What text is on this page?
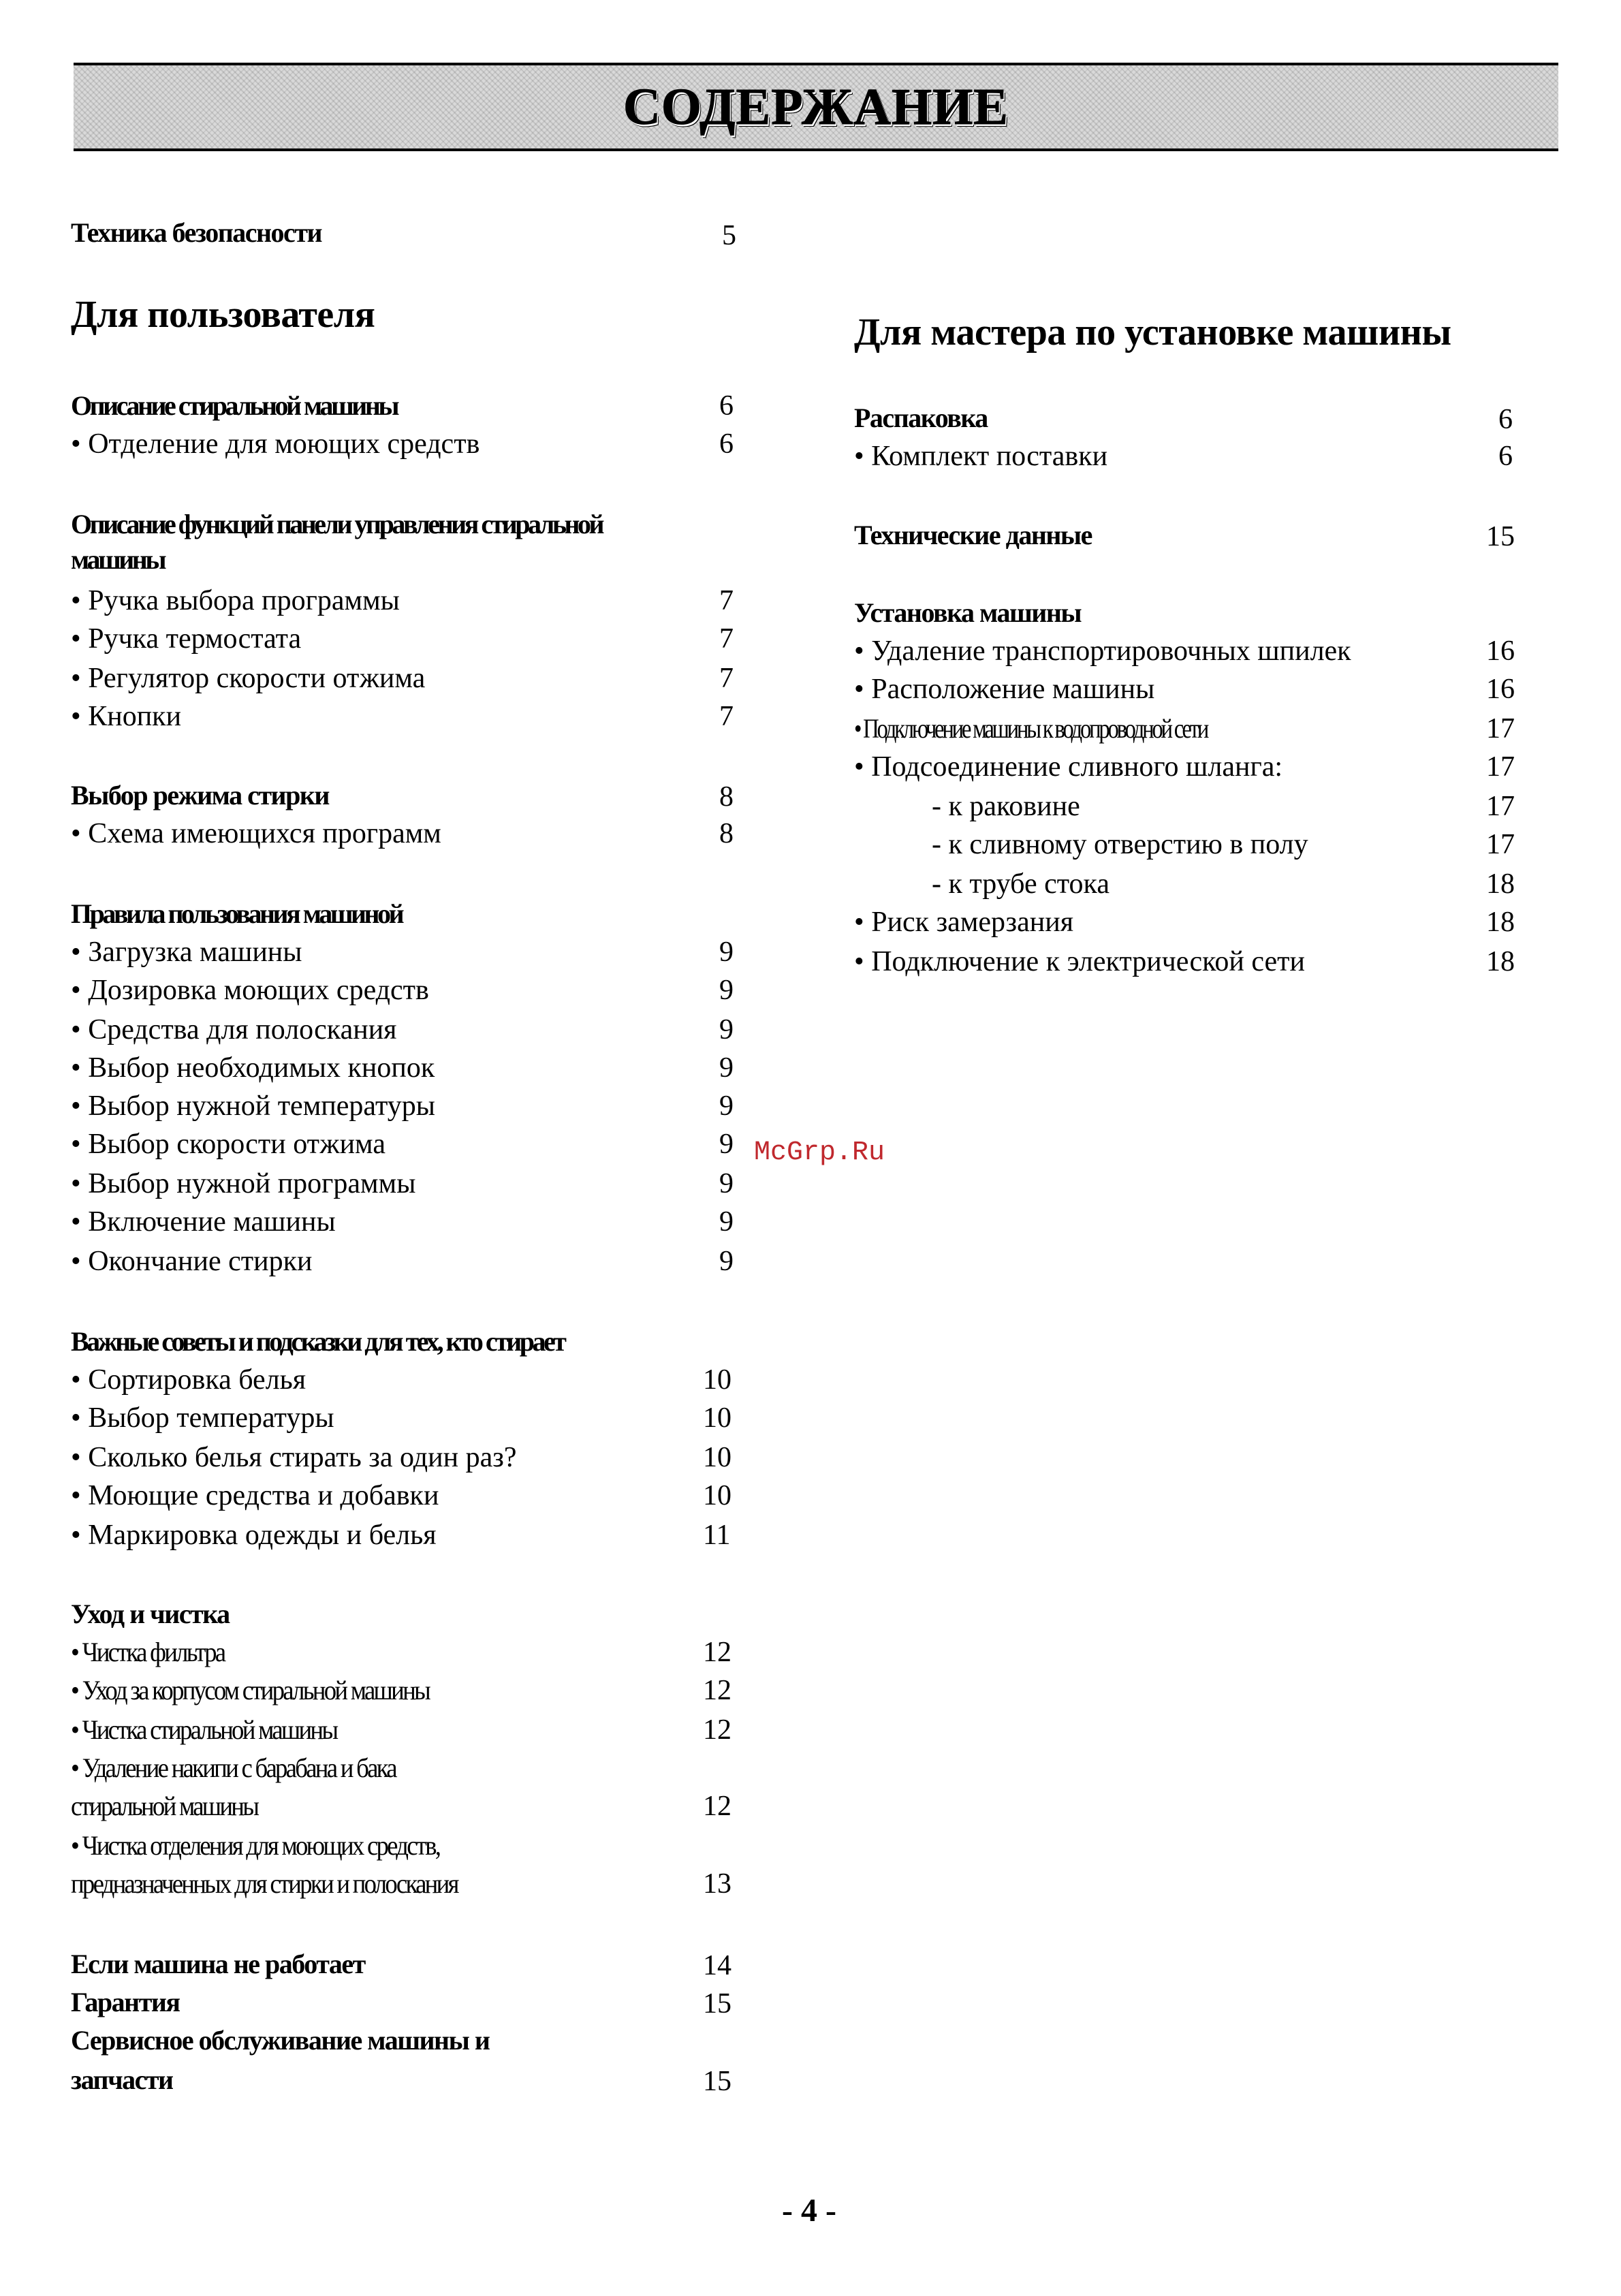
СОДЕРЖАНИЕ
Техника безопасности	5
Для пользователя
Описание стиральной машины	6
• Отделение для моющих средств	6
Описание функций панели управления стиральной
машины
• Ручка выбора программы	7
• Ручка термостата	7
• Регулятор скорости отжима	7
• Кнопки	7
Выбор режима стирки	8
• Схема имеющихся программ	8
Правила пользования машиной
• Загрузка машины	9
• Дозировка моющих средств	9
• Средства для полоскания	9
• Выбор необходимых кнопок	9
• Выбор нужной температуры	9
• Выбор скорости отжима	9
• Выбор нужной программы	9
• Включение машины	9
• Окончание стирки	9
Важные советы и подсказки для тех, кто стирает
• Сортировка белья	10
• Выбор температуры	10
• Сколько белья стирать за один раз?	10
• Моющие средства и добавки	10
• Маркировка одежды и белья	11
Уход и чистка
• Чистка фильтра	12
• Уход за корпусом стиральной машины	12
• Чистка стиральной машины	12
• Удаление накипи с барабана и бака
стиральной машины	12
• Чистка отделения для моющих средств,
предназначенных для стирки и полоскания	13
Если машина не работает	14
Гарантия	15
Сервисное обслуживание машины и
запчасти	15
Для мастера по установке машины
Распаковка	6
• Комплект поставки	6
Технические данные	15
Установка машины
• Удаление транспортировочных шпилек	16
• Расположение машины	16
• Подключение машины к водопроводной сети	17
• Подсоединение сливного шланга:	17
- к раковине	17
- к сливному отверстию в полу	17
- к трубе стока	18
• Риск замерзания	18
• Подключение к электрической сети	18
McGrp.Ru
- 4 -
